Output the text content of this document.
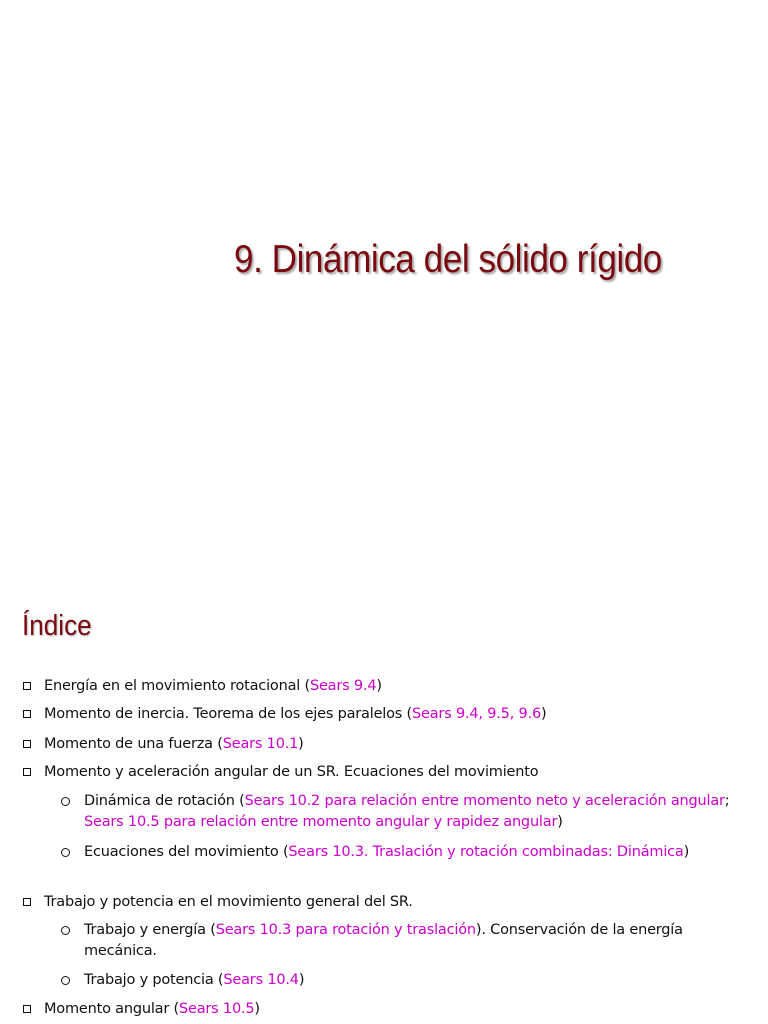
9. Dinámica del sólido rígido
Índice
Energía en el movimiento rotacional (Sears 9.4)
Momento de inercia. Teorema de los ejes paralelos (Sears 9.4, 9.5, 9.6)
Momento de una fuerza (Sears 10.1)
Momento y aceleración angular de un SR. Ecuaciones del movimiento
Dinámica de rotación (Sears 10.2 para relación entre momento neto y aceleración angular; Sears 10.5 para relación entre momento angular y rapidez angular)
Ecuaciones del movimiento (Sears 10.3. Traslación y rotación combinadas: Dinámica)
Trabajo y potencia en el movimiento general del SR.
Trabajo y energía (Sears 10.3 para rotación y traslación). Conservación de la energía mecánica.
Trabajo y potencia (Sears 10.4)
Momento angular (Sears 10.5)
